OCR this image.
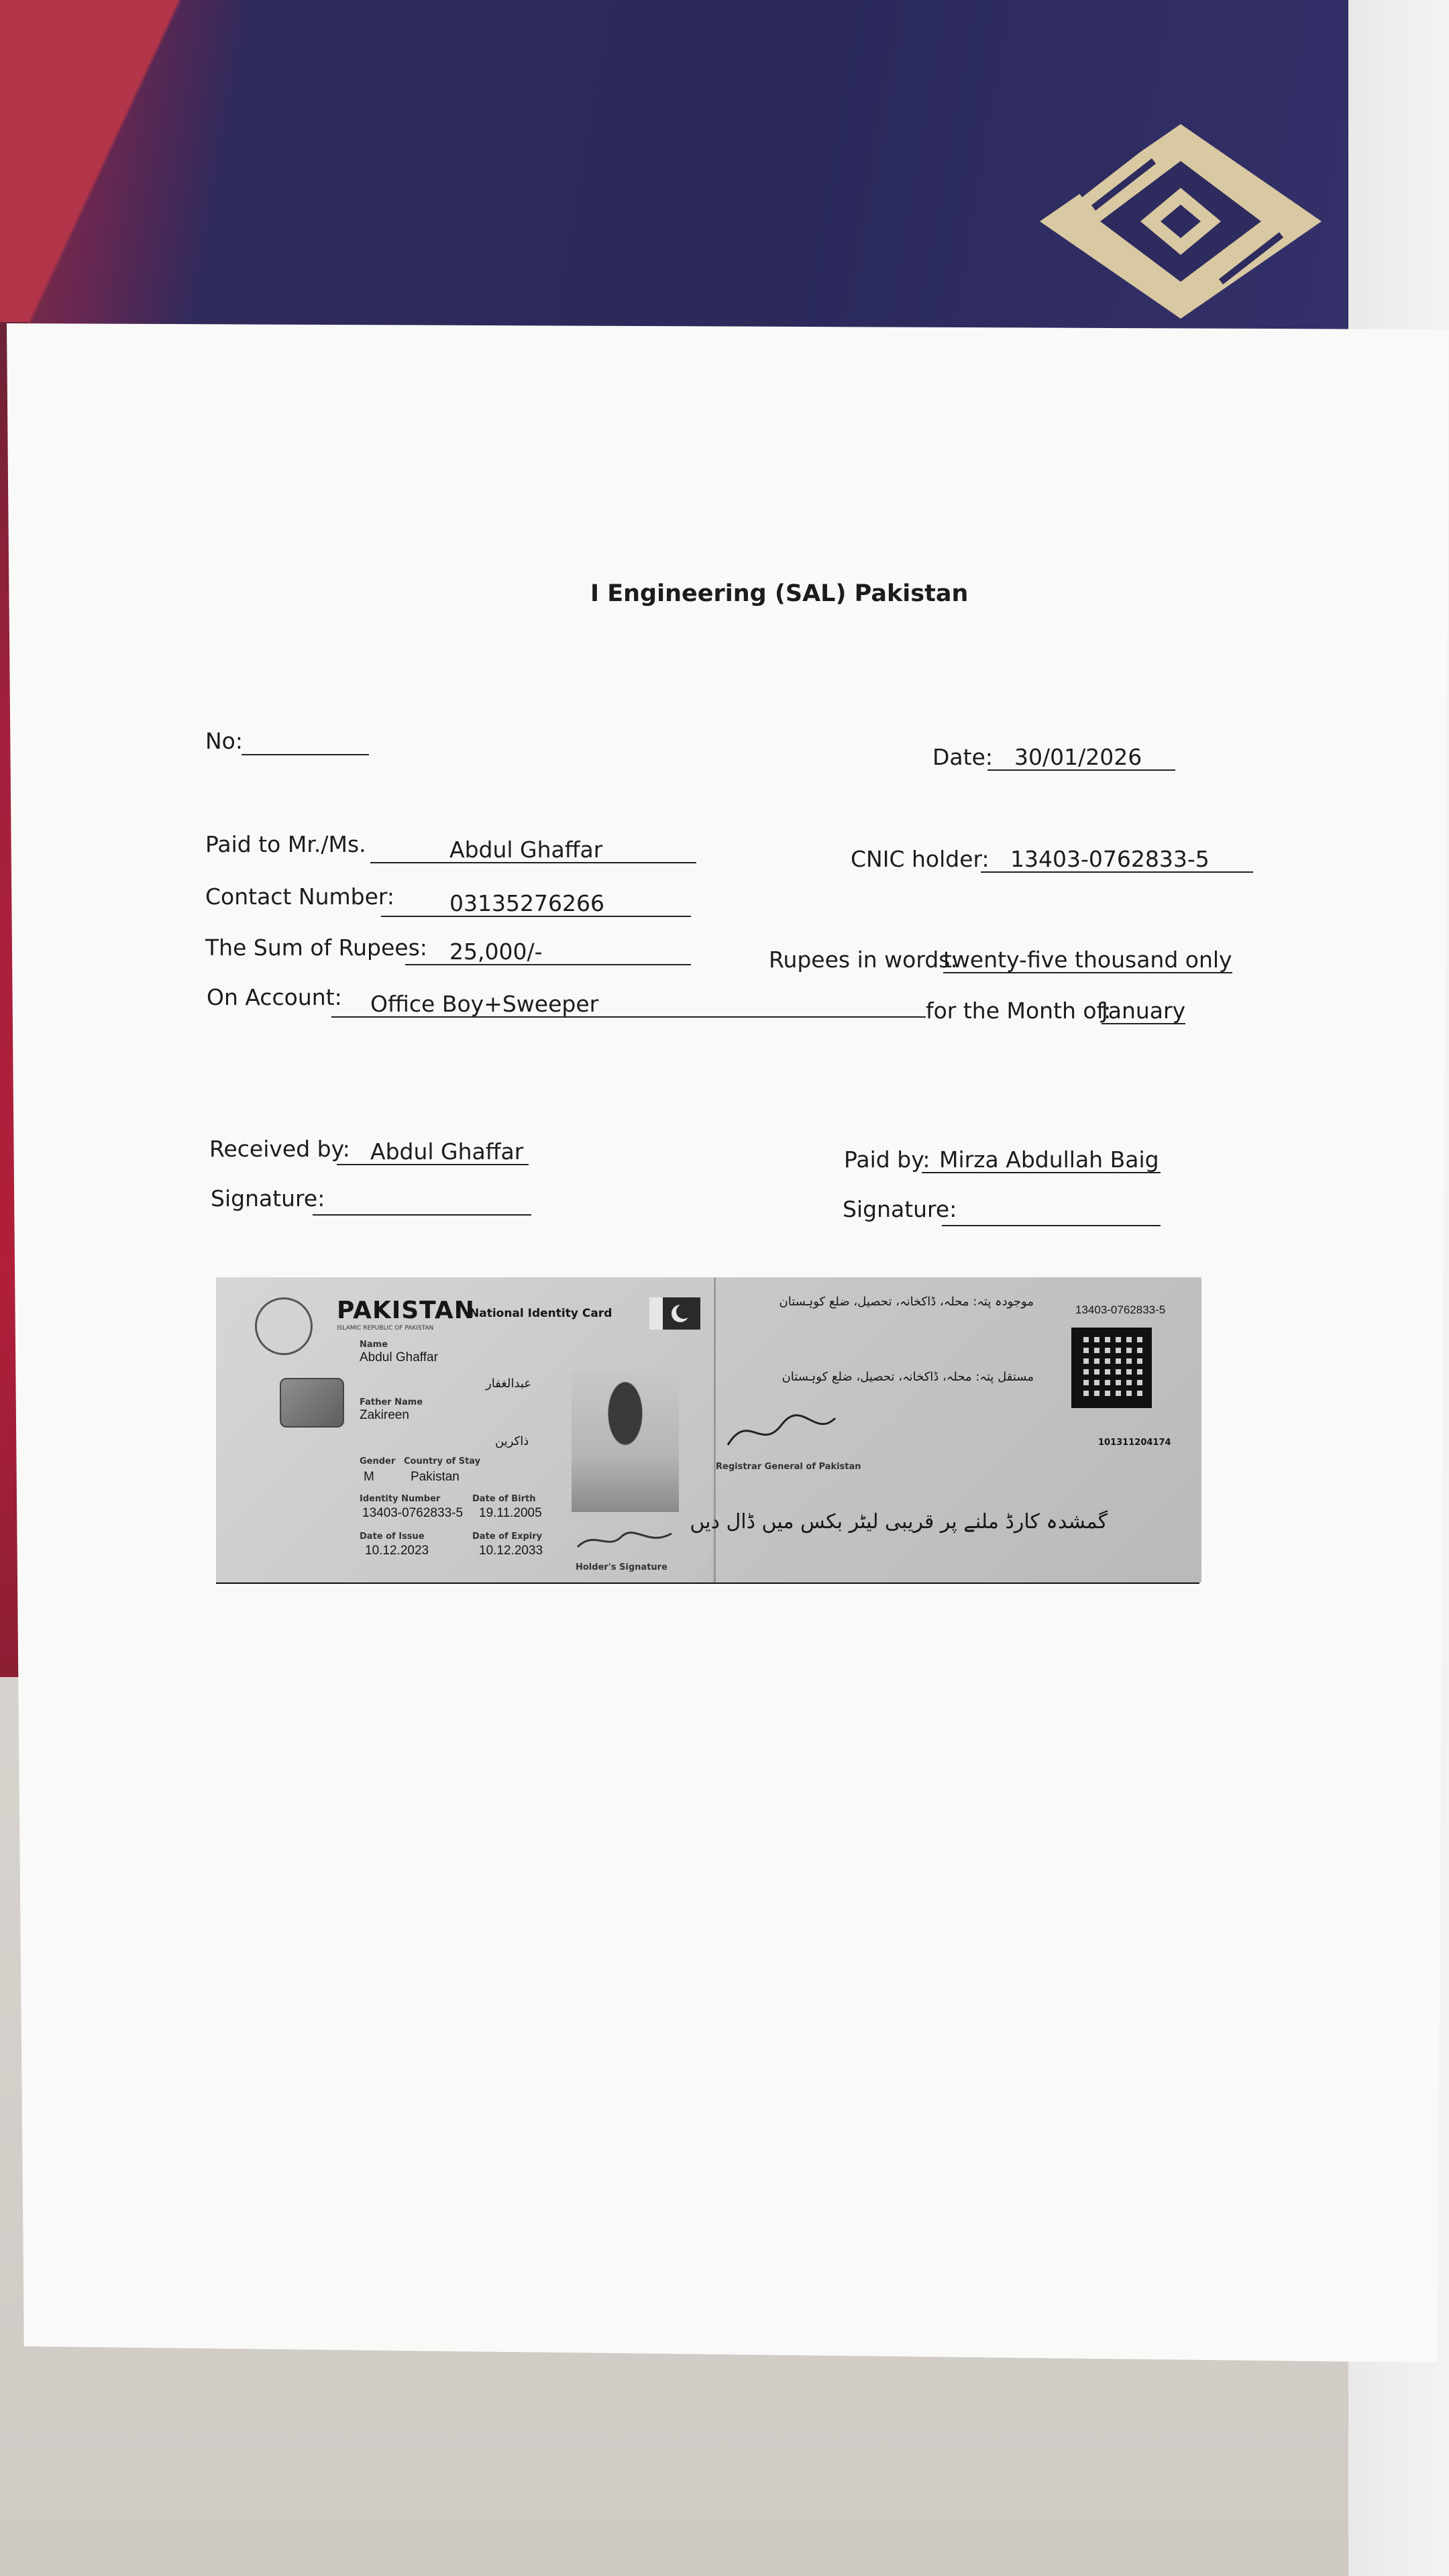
I Engineering (SAL) Pakistan
No:
Date: 30/01/2026
Paid to Mr./Ms.	Abdul Ghaffar	CNIC holder: 13403-0762833-5
Contact Number:	03135276266
The Sum of Rupees:	25,000/-	Rupees in words:
twenty-five thousand only
On Account:	Office Boy+Sweeper	for the Month of:
January
Received by: Abdul Ghaffar	Paid by: Mirza Abdullah Baig
Signature:	Signature:
PAKISTAN
ISLAMIC REPUBLIC OF PAKISTAN
National Identity Card
Name
Abdul Ghaffar
عبدالغفار
Father Name
Zakireen
ذاکرین
Gender
M
Country of Stay
Pakistan
Identity Number
13403-0762833-5
Date of Birth
19.11.2005
Date of Issue
10.12.2023
Date of Expiry
10.12.2033
Holder's Signature
موجودہ پتہ: محلہ، ڈاکخانہ، تحصیل، ضلع کوہستان
13403-0762833-5
مستقل پتہ: محلہ، ڈاکخانہ، تحصیل، ضلع کوہستان
Registrar General of Pakistan
101311204174
گمشدہ کارڈ ملنے پر قریبی لیٹر بکس میں ڈال دیں
